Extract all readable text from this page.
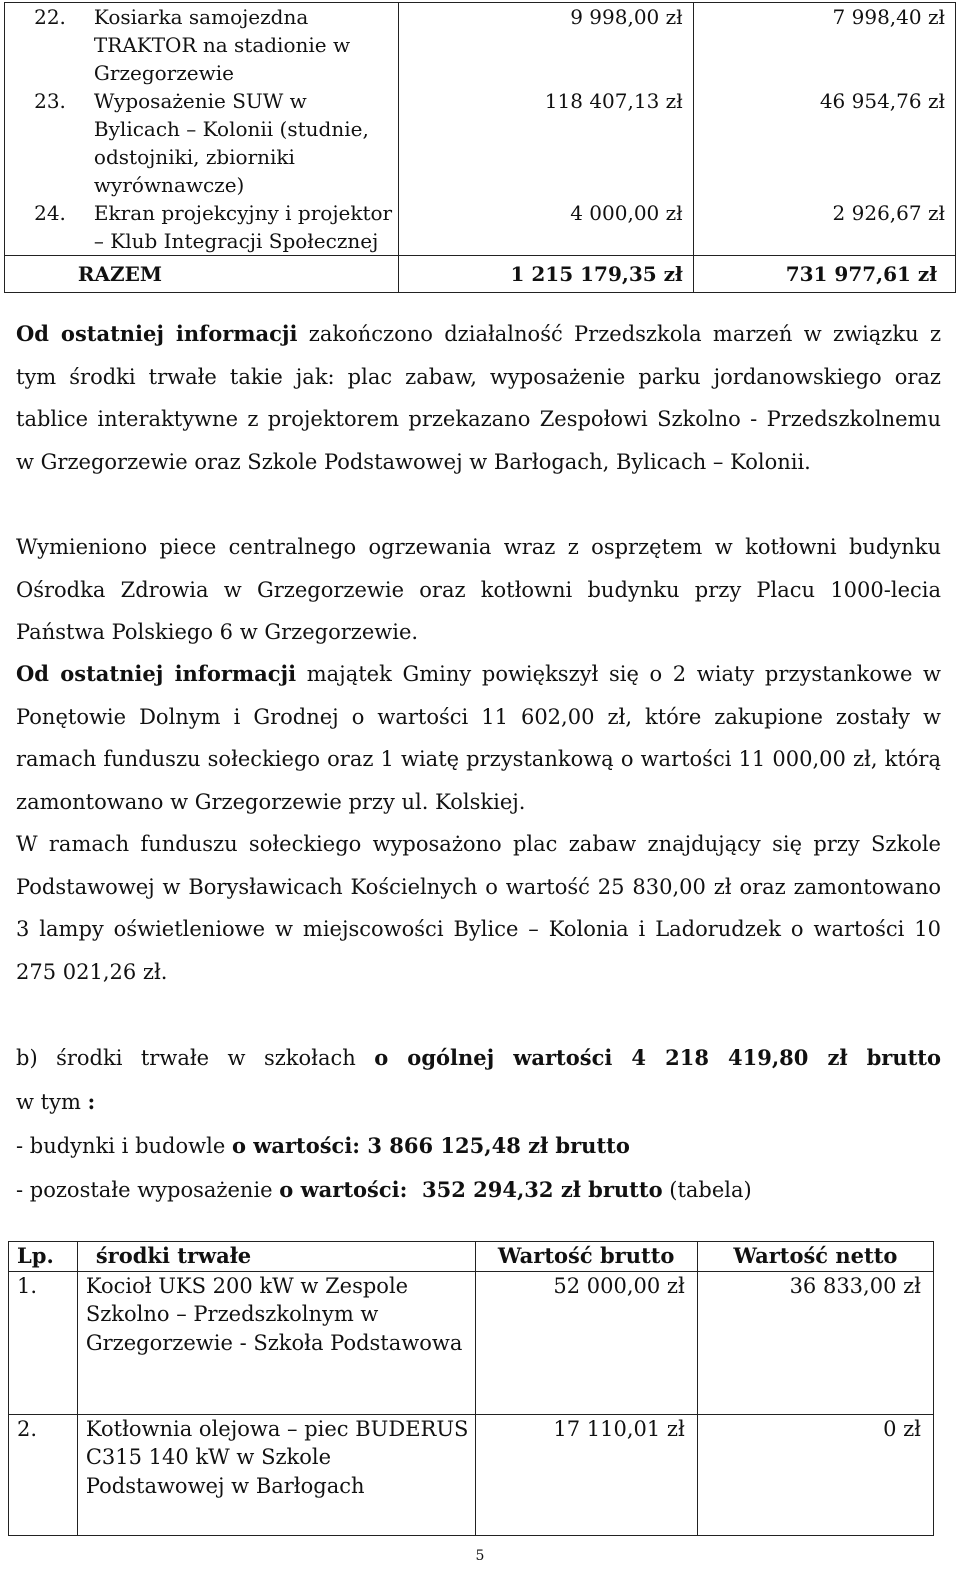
22.	Kosiarka samojezdna TRAKTOR na stadionie w Grzegorzewie	9 998,00 zł	7 998,40 zł
23.	Wyposażenie SUW w Bylicach – Kolonii (studnie, odstojniki, zbiorniki wyrównawcze)	118 407,13 zł	46 954,76 zł
24.	Ekran projekcyjny i projektor – Klub Integracji Społecznej	4 000,00 zł	2 926,67 zł
	RAZEM	1 215 179,35 zł	731 977,61 zł
Od ostatniej informacji zakończono działalność Przedszkola marzeń w związku z tym środki trwałe takie jak: plac zabaw, wyposażenie parku jordanowskiego oraz tablice interaktywne z projektorem przekazano Zespołowi Szkolno - Przedszkolnemu w Grzegorzewie oraz Szkole Podstawowej w Barłogach, Bylicach – Kolonii.
Wymieniono piece centralnego ogrzewania wraz z osprzętem w kotłowni budynku Ośrodka Zdrowia w Grzegorzewie oraz kotłowni budynku przy Placu 1000-lecia Państwa Polskiego 6 w Grzegorzewie.
Od ostatniej informacji majątek Gminy powiększył się o 2 wiaty przystankowe w Ponętowie Dolnym i Grodnej o wartości 11 602,00 zł, które zakupione zostały w ramach funduszu sołeckiego oraz 1 wiatę przystankową o wartości 11 000,00 zł, którą zamontowano w Grzegorzewie przy ul. Kolskiej.
W ramach funduszu sołeckiego wyposażono plac zabaw znajdujący się przy Szkole Podstawowej w Borysławicach Kościelnych o wartość 25 830,00 zł oraz zamontowano 3 lampy oświetleniowe w miejscowości Bylice – Kolonia i Ladorudzek o wartości 10 275 021,26 zł.
b) środki trwałe w szkołach o ogólnej wartości 4 218 419,80 zł brutto
w tym :
- budynki i budowle o wartości: 3 866 125,48 zł brutto
- pozostałe wyposażenie o wartości:  352 294,32 zł brutto (tabela)
Lp.	środki trwałe	Wartość brutto	Wartość netto
1.	Kocioł UKS 200 kW w Zespole Szkolno – Przedszkolnym w Grzegorzewie - Szkoła Podstawowa	52 000,00 zł	36 833,00 zł
2.	Kotłownia olejowa – piec BUDERUS C315 140 kW w Szkole Podstawowej w Barłogach	17 110,01 zł	0 zł
5
